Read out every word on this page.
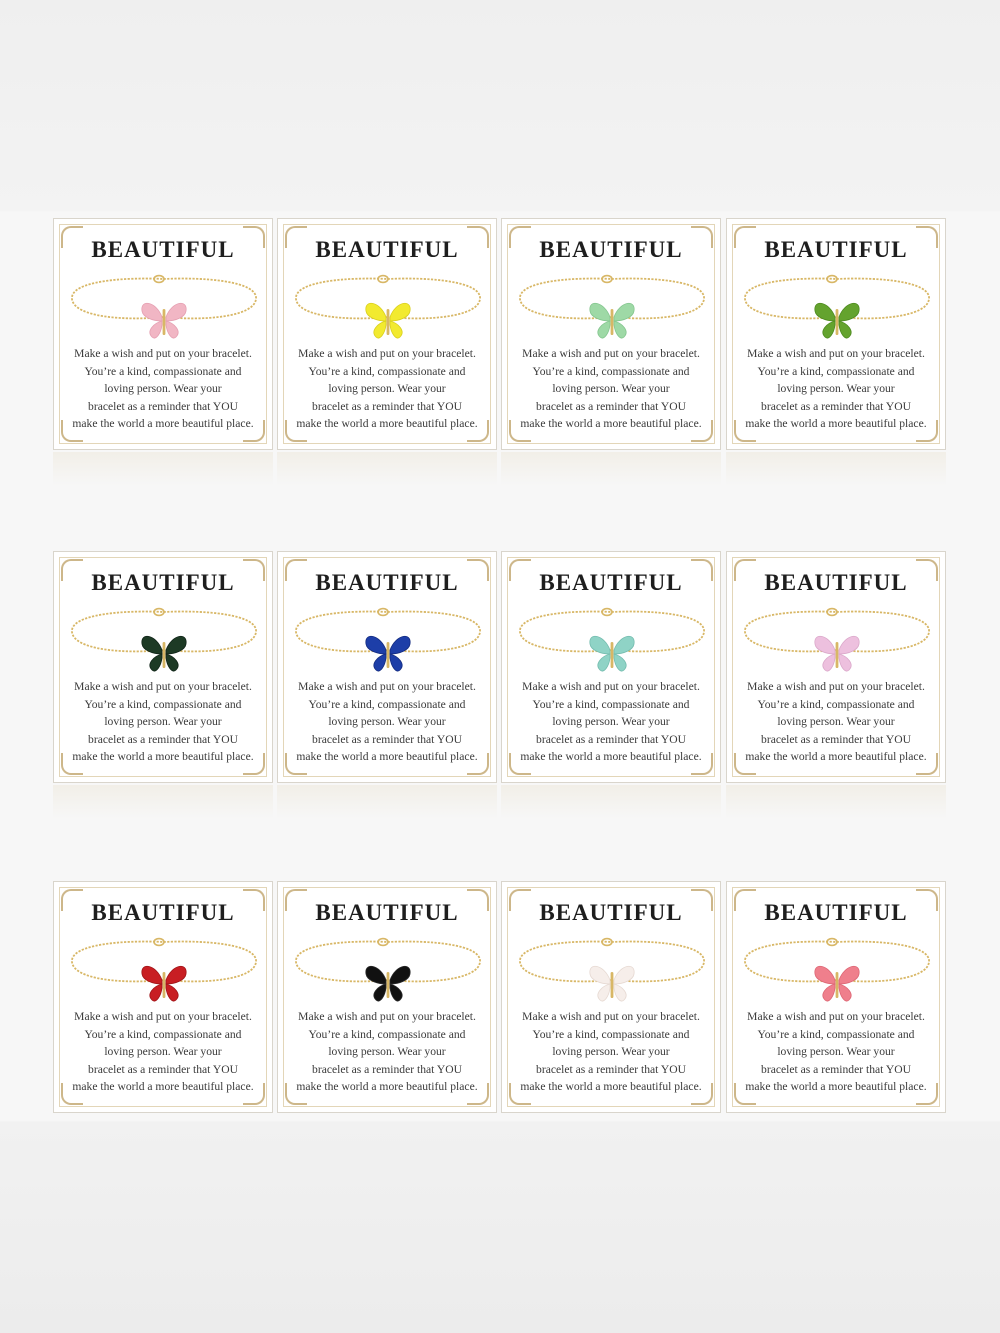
BEAUTIFUL
Make a wish and put on your bracelet.
You’re a kind, compassionate and
loving person. Wear your
bracelet as a reminder that YOU
make the world a more beautiful place.
BEAUTIFUL
Make a wish and put on your bracelet.
You’re a kind, compassionate and
loving person. Wear your
bracelet as a reminder that YOU
make the world a more beautiful place.
BEAUTIFUL
Make a wish and put on your bracelet.
You’re a kind, compassionate and
loving person. Wear your
bracelet as a reminder that YOU
make the world a more beautiful place.
BEAUTIFUL
Make a wish and put on your bracelet.
You’re a kind, compassionate and
loving person. Wear your
bracelet as a reminder that YOU
make the world a more beautiful place.
BEAUTIFUL
Make a wish and put on your bracelet.
You’re a kind, compassionate and
loving person. Wear your
bracelet as a reminder that YOU
make the world a more beautiful place.
BEAUTIFUL
Make a wish and put on your bracelet.
You’re a kind, compassionate and
loving person. Wear your
bracelet as a reminder that YOU
make the world a more beautiful place.
BEAUTIFUL
Make a wish and put on your bracelet.
You’re a kind, compassionate and
loving person. Wear your
bracelet as a reminder that YOU
make the world a more beautiful place.
BEAUTIFUL
Make a wish and put on your bracelet.
You’re a kind, compassionate and
loving person. Wear your
bracelet as a reminder that YOU
make the world a more beautiful place.
BEAUTIFUL
Make a wish and put on your bracelet.
You’re a kind, compassionate and
loving person. Wear your
bracelet as a reminder that YOU
make the world a more beautiful place.
BEAUTIFUL
Make a wish and put on your bracelet.
You’re a kind, compassionate and
loving person. Wear your
bracelet as a reminder that YOU
make the world a more beautiful place.
BEAUTIFUL
Make a wish and put on your bracelet.
You’re a kind, compassionate and
loving person. Wear your
bracelet as a reminder that YOU
make the world a more beautiful place.
BEAUTIFUL
Make a wish and put on your bracelet.
You’re a kind, compassionate and
loving person. Wear your
bracelet as a reminder that YOU
make the world a more beautiful place.
